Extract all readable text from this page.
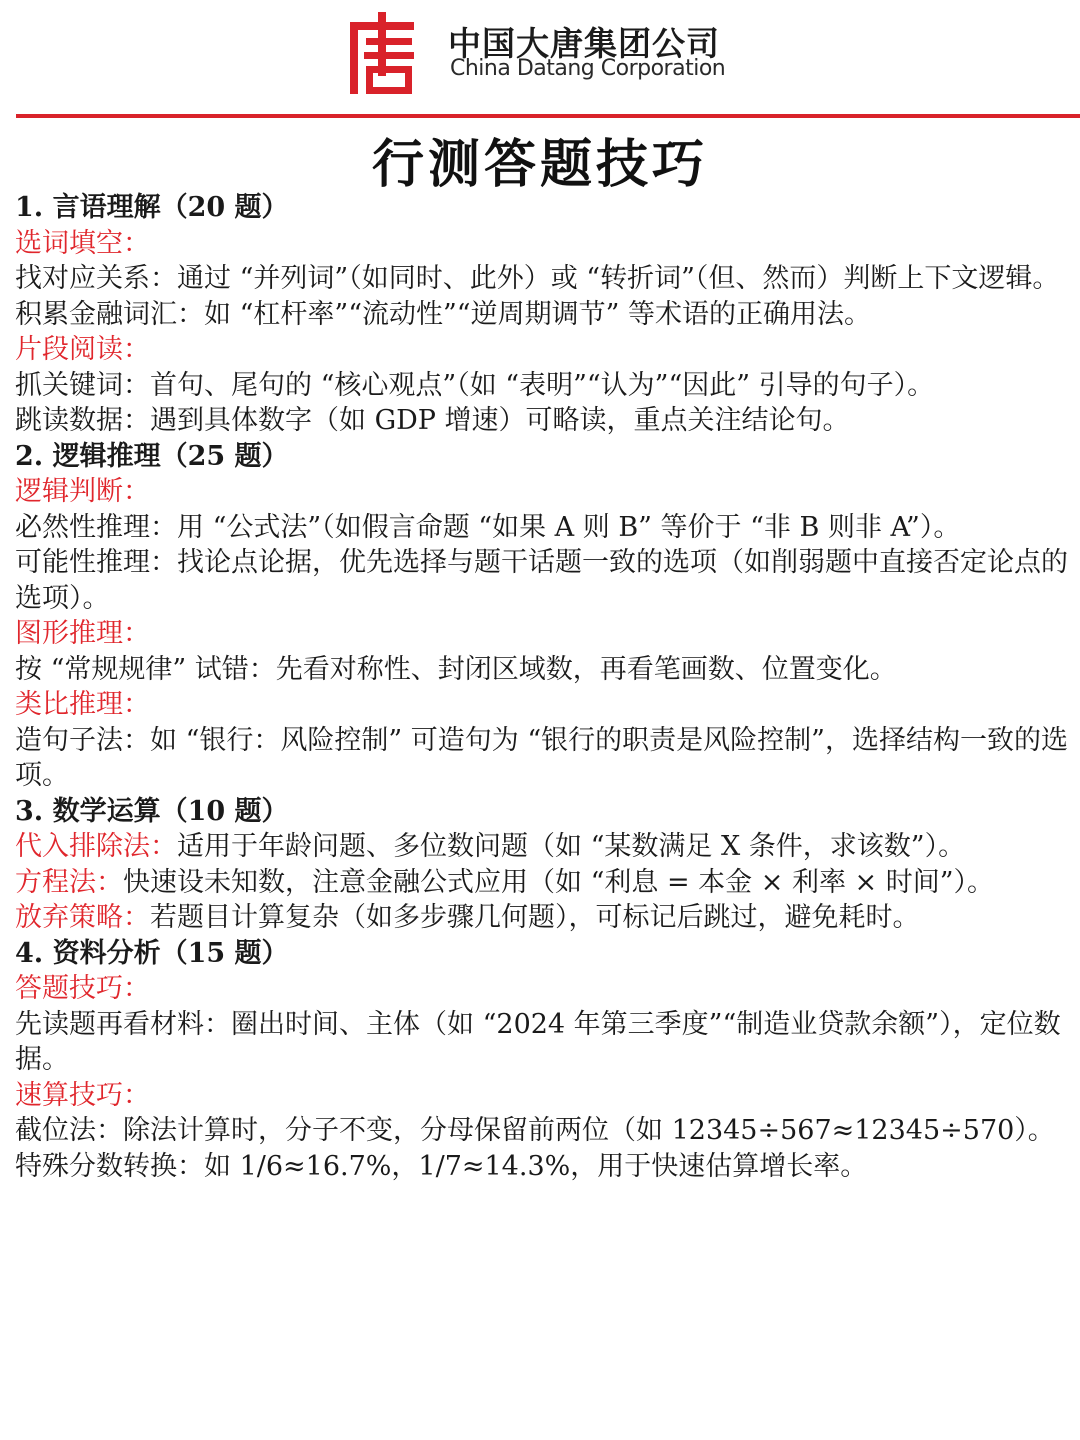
中国大唐集团公司
China Datang Corporation
行测答题技巧

1. 言语理解（20 题）

选词填空：

找对应关系：通过 “并列词”（如同时、此外）或 “转折词”（但、然而）判断上下文逻辑。

积累金融词汇：如 “杠杆率”“流动性”“逆周期调节” 等术语的正确用法。

片段阅读：

抓关键词：首句、尾句的 “核心观点”（如 “表明”“认为”“因此” 引导的句子）。

跳读数据：遇到具体数字（如 GDP 增速）可略读，重点关注结论句。

2. 逻辑推理（25 题）

逻辑判断：

必然性推理：用 “公式法”（如假言命题 “如果 A 则 B” 等价于 “非 B 则非 A”）。

可能性推理：找论点论据，优先选择与题干话题一致的选项（如削弱题中直接否定论点的选项）。

图形推理：

按 “常规规律” 试错：先看对称性、封闭区域数，再看笔画数、位置变化。

类比推理：

造句子法：如 “银行：风险控制” 可造句为 “银行的职责是风险控制”，选择结构一致的选项。

3. 数学运算（10 题）

代入排除法：适用于年龄问题、多位数问题（如 “某数满足 X 条件，求该数”）。

方程法：快速设未知数，注意金融公式应用（如 “利息 = 本金 × 利率 × 时间”）。

放弃策略：若题目计算复杂（如多步骤几何题），可标记后跳过，避免耗时。

4. 资料分析（15 题）

答题技巧：

先读题再看材料：圈出时间、主体（如 “2024 年第三季度”“制造业贷款余额”），定位数据。

速算技巧：

截位法：除法计算时，分子不变，分母保留前两位（如 12345÷567≈12345÷570）。

特殊分数转换：如 1/6≈16.7%，1/7≈14.3%，用于快速估算增长率。
